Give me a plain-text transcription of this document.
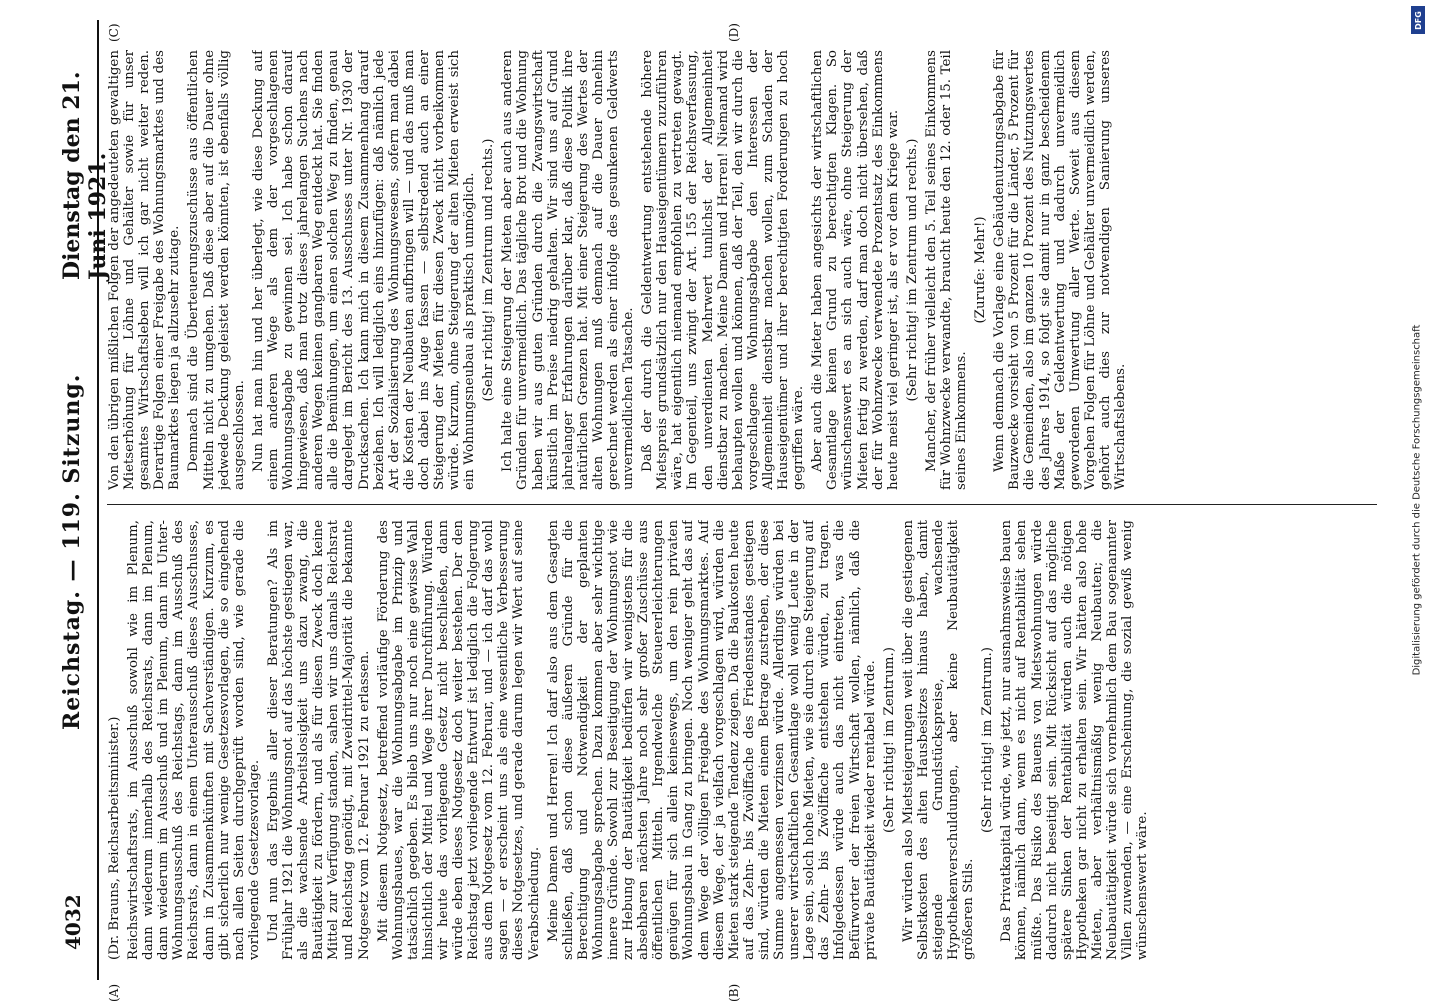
4032
Reichstag. — 119. Sitzung.
Dienstag den 21. Juni 1921.
(A)	(B)
(C)	(D)

(Dr. Brauns, Reichsarbeitsminister.) Reichswirtschaftsrats, im Ausschuß sowohl wie im Plenum, dann wiederum innerhalb des Reichsrats, dann im Plenum, dann wiederum im Ausschuß und im Plenum, dann im Unter-Wohnungsausschuß des Reichstags, dann im Ausschuß des Reichsrats, dann in einem Unterausschuß dieses Ausschusses, dann in Zusammenkünften mit Sachverständigen. Kurzum, es gibt sicherlich nur wenige Gesetzesvorlagen, die so eingehend nach allen Seiten durchgeprüft worden sind, wie gerade die vorliegende Gesetzesvorlage. Und nun das Ergebnis aller dieser Beratungen? Als im Frühjahr 1921 die Wohnungsnot auf das höchste gestiegen war, als die wachsende Arbeitslosigkeit uns dazu zwang, die Bautätigkeit zu fördern, und als für diesen Zweck doch keine Mittel zur Verfügung standen, sahen wir uns damals Reichsrat und Reichstag genötigt, mit Zweidrittel-Majorität die bekannte Notgesetz vom 12. Februar 1921 zu erlassen. Mit diesem Notgesetz, betreffend vorläufige Förderung des Wohnungsbaues, war die Wohnungsabgabe im Prinzip und tatsächlich gegeben. Es blieb uns nur noch eine gewisse Wahl hinsichtlich der Mittel und Wege ihrer Durchführung. Würden wir heute das vorliegende Gesetz nicht beschließen, dann würde eben dieses Notgesetz doch weiter bestehen. Der den Reichstag jetzt vorliegende Entwurf ist lediglich die Folgerung aus dem Notgesetz vom 12. Februar, und — ich darf das wohl sagen — er erscheint uns als eine wesentliche Verbesserung dieses Notgesetzes, und gerade darum legen wir Wert auf seine Verabschiedung. Meine Damen und Herren! Ich darf also aus dem Gesagten schließen, daß schon diese äußeren Gründe für die Berechtigung und Notwendigkeit der geplanten Wohnungsabgabe sprechen. Dazu kommen aber sehr wichtige innere Gründe. Sowohl zur Beseitigung der Wohnungsnot wie zur Hebung der Bautätigkeit bedürfen wir wenigstens für die absehbaren nächsten Jahre noch sehr großer Zuschüsse aus öffentlichen Mitteln. Irgendwelche Steuererleichterungen genügen für sich allein keineswegs, um den rein privaten Wohnungsbau in Gang zu bringen. Noch weniger geht das auf dem Wege der völligen Freigabe des Wohnungsmarktes. Auf diesem Wege, der ja vielfach vorgeschlagen wird, würden die Mieten stark steigende Tendenz zeigen. Da die Baukosten heute auf das Zehn- bis Zwölffache des Friedensstandes gestiegen sind, würden die Mieten einem Betrage zustreben, der diese Summe angemessen verzinsen würde. Allerdings würden bei unserer wirtschaftlichen Gesamtlage wohl wenig Leute in der Lage sein, solch hohe Mieten, wie sie durch eine Steigerung auf das Zehn- bis Zwölffache entstehen würden, zu tragen. Infolgedessen würde auch das nicht eintreten, was die Befürworter der freien Wirtschaft wollen, nämlich, daß die private Bautätigkeit wieder rentabel würde. (Sehr richtig! im Zentrum.) Wir würden also Mietsteigerungen weit über die gestiegenen Selbstkosten des alten Hausbesitzes hinaus haben, damit steigende Grundstückspreise, wachsende Hypothekenverschuldungen, aber keine Neubautätigkeit größeren Stils.

(Sehr richtig! im Zentrum.) Das Privatkapital würde, wie jetzt, nur ausnahmsweise bauen können, nämlich dann, wenn es nicht auf Rentabilität sehen müßte. Das Risiko des Bauens von Mietswohnungen würde dadurch nicht beseitigt sein. Mit Rücksicht auf das mögliche spätere Sinken der Rentabilität würden auch die nötigen Hypotheken gar nicht zu erhalten sein. Wir hätten also hohe Mieten, aber verhältnismäßig wenig Neubauten; die Neubautätigkeit würde sich vornehmlich dem Bau sogenannter Villen zuwenden, — eine Erscheinung, die sozial gewiß wenig wünschenswert wäre.

Von den übrigen mißlichen Folgen der angedeuteten gewaltigen Mietserhöhung für Löhne und Gehälter sowie für unser gesamtes Wirtschaftsleben will ich gar nicht weiter reden. Derartige Folgen einer Freigabe des Wohnungsmarktes und des Baumarktes liegen ja allzusehr zutage. Demnach sind die Überteuerungszuschüsse aus öffentlichen Mitteln nicht zu umgehen. Daß diese aber auf die Dauer ohne jedwede Deckung geleistet werden könnten, ist ebenfalls völlig ausgeschlossen. Nun hat man hin und her überlegt, wie diese Deckung auf einem anderen Wege als dem der vorgeschlagenen Wohnungsabgabe zu gewinnen sei. Ich habe schon darauf hingewiesen, daß man trotz dieses jahrelangen Suchens nach anderen Wegen keinen gangbaren Weg entdeckt hat. Sie finden alle die Bemühungen, um einen solchen Weg zu finden, genau dargelegt im Bericht des 13. Ausschusses unter Nr. 1930 der Drucksachen. Ich kann mich in diesem Zusammenhang darauf beziehen. Ich will lediglich eins hinzufügen: daß nämlich jede Art der Sozialisierung des Wohnungswesens, sofern man dabei die Kosten der Neubauten aufbringen will — und das muß man doch dabei ins Auge fassen — selbstredend auch an einer Steigerung der Mieten für diesen Zweck nicht vorbeikommen würde. Kurzum, ohne Steigerung der alten Mieten erweist sich ein Wohnungsneubau als praktisch unmöglich. (Sehr richtig! im Zentrum und rechts.) Ich halte eine Steigerung der Mieten aber auch aus anderen Gründen für unvermeidlich. Das tägliche Brot und die Wohnung haben wir aus guten Gründen durch die Zwangswirtschaft künstlich im Preise niedrig gehalten. Wir sind uns auf Grund jahrelanger Erfahrungen darüber klar, daß diese Politik ihre natürlichen Grenzen hat. Mit einer Steigerung des Wertes der alten Wohnungen muß demnach auf die Dauer ohnehin gerechnet werden als einer infolge des gesunkenen Geldwerts unvermeidlichen Tatsache. Daß der durch die Geldentwertung entstehende höhere Mietspreis grundsätzlich nur den Hauseigentümern zuzuführen wäre, hat eigentlich niemand empfohlen zu vertreten gewagt. Im Gegenteil, uns zwingt der Art. 155 der Reichsverfassung, den unverdienten Mehrwert tunlichst der Allgemeinheit dienstbar zu machen. Meine Damen und Herren! Niemand wird behaupten wollen und können, daß der Teil, den wir durch die vorgeschlagene Wohnungsabgabe den Interessen der Allgemeinheit dienstbar machen wollen, zum Schaden der Hauseigentümer und ihrer berechtigten Forderungen zu hoch gegriffen wäre. Aber auch die Mieter haben angesichts der wirtschaftlichen Gesamtlage keinen Grund zu berechtigten Klagen. So wünschenswert es an sich auch wäre, ohne Steigerung der Mieten fertig zu werden, darf man doch nicht übersehen, daß der für Wohnzwecke verwendete Prozentsatz des Einkommens heute meist viel geringer ist, als er vor dem Kriege war. (Sehr richtig! im Zentrum und rechts.) Mancher, der früher vielleicht den 5. Teil seines Einkommens für Wohnzwecke verwandte, braucht heute den 12. oder 15. Teil seines Einkommens.

(Zurufe: Mehr!) Wenn demnach die Vorlage eine Gebäudenutzungsabgabe für Bauzwecke vorsieht von 5 Prozent für die Länder, 5 Prozent für die Gemeinden, also im ganzen 10 Prozent des Nutzungswertes des Jahres 1914, so folgt sie damit nur in ganz bescheidenem Maße der Geldentwertung und dadurch unvermeidlich gewordenen Umwertung aller Werte. Soweit aus diesem Vorgehen Folgen für Löhne und Gehälter unvermeidlich werden, gehört auch dies zur notwendigen Sanierung unseres Wirtschaftslebens.

DFG
Digitalisierung gefördert durch die Deutsche Forschungsgemeinschaft
